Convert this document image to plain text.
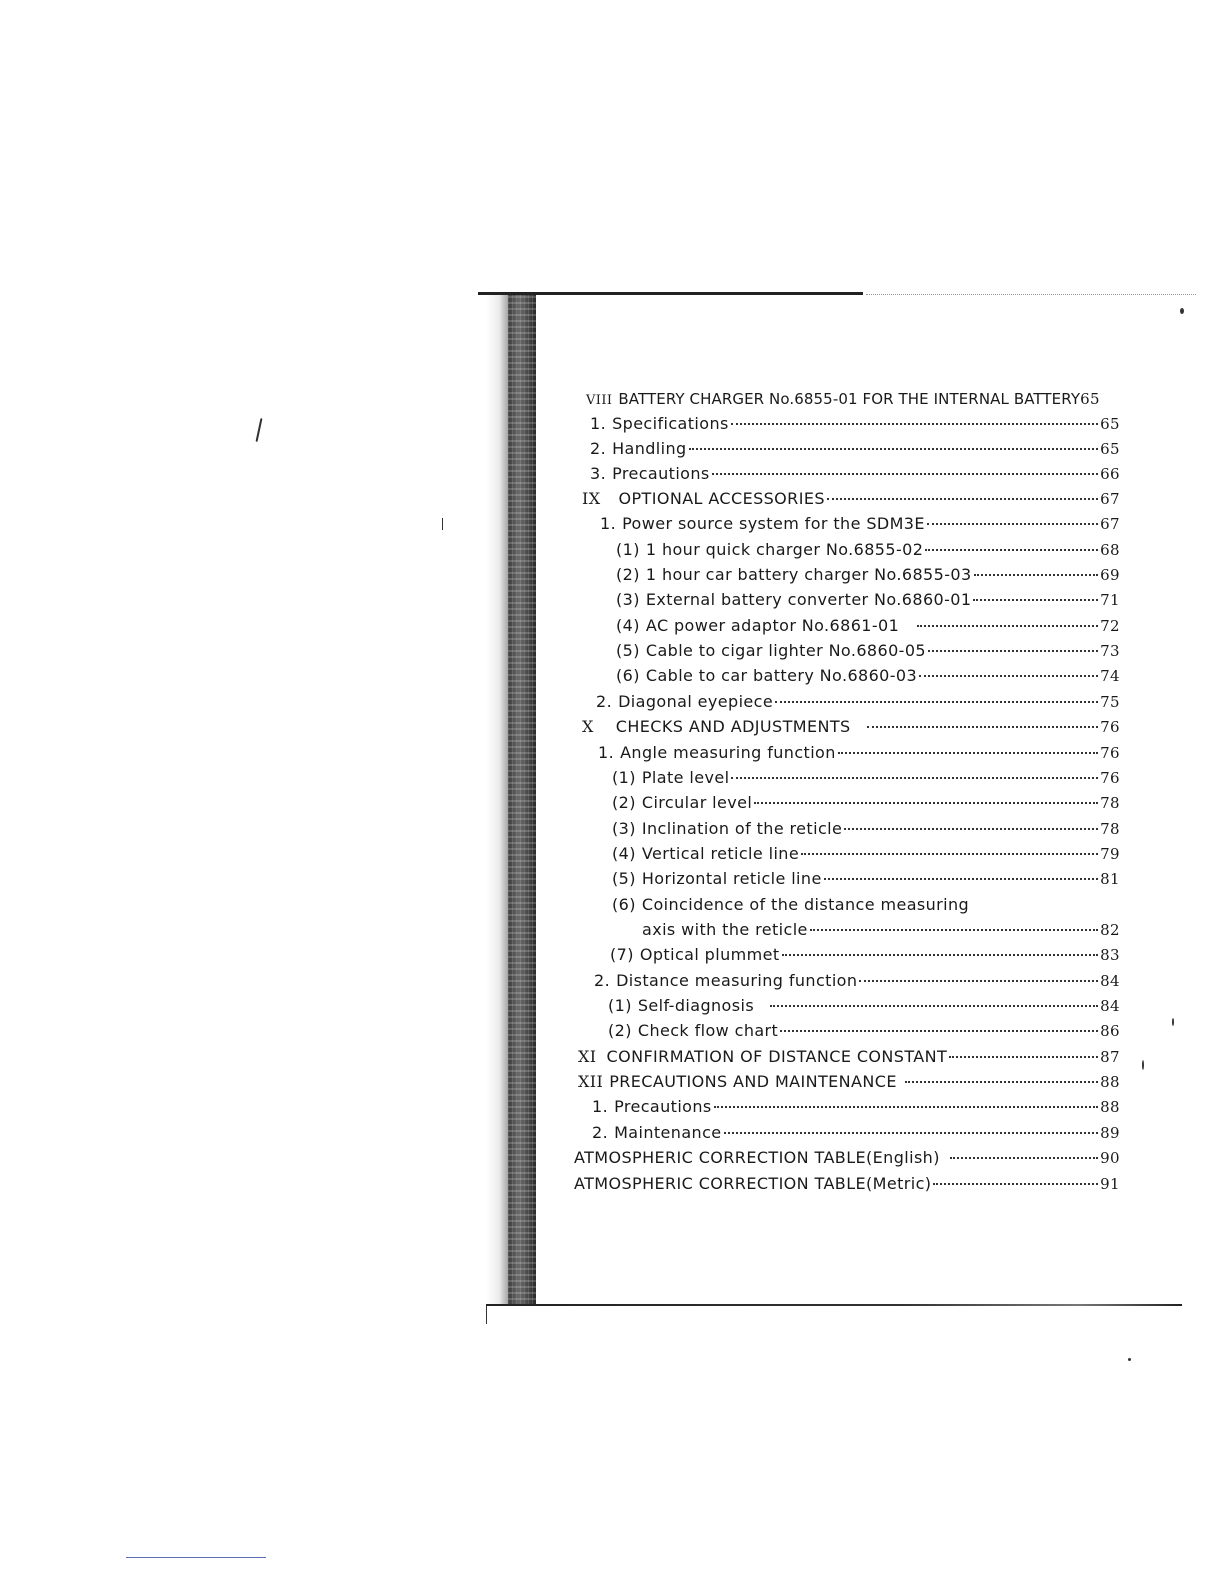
VIII BATTERY CHARGER No.6855-01 FOR THE INTERNAL BATTERY 65
1. Specifications	65
2. Handling	65
3. Precautions	66
IX	OPTIONAL ACCESSORIES	67
1. Power source system for the SDM3E	67
(1) 1 hour quick charger No.6855-02	68
(2) 1 hour car battery charger No.6855-03	69
(3) External battery converter No.6860-01	71
(4) AC power adaptor No.6861-01	72
(5) Cable to cigar lighter No.6860-05	73
(6) Cable to car battery No.6860-03	74
2. Diagonal eyepiece	75
X	CHECKS AND ADJUSTMENTS	76
1. Angle measuring function	76
(1) Plate level	76
(2) Circular level	78
(3) Inclination of the reticle	78
(4) Vertical reticle line	79
(5) Horizontal reticle line	81
(6) Coincidence of the distance measuring
axis with the reticle	82
(7) Optical plummet	83
2. Distance measuring function	84
(1) Self-diagnosis	84
(2) Check flow chart	86
XI CONFIRMATION OF DISTANCE CONSTANT	87
XII PRECAUTIONS AND MAINTENANCE	88
1. Precautions	88
2. Maintenance	89
ATMOSPHERIC CORRECTION TABLE(English)	90
ATMOSPHERIC CORRECTION TABLE(Metric)	91
